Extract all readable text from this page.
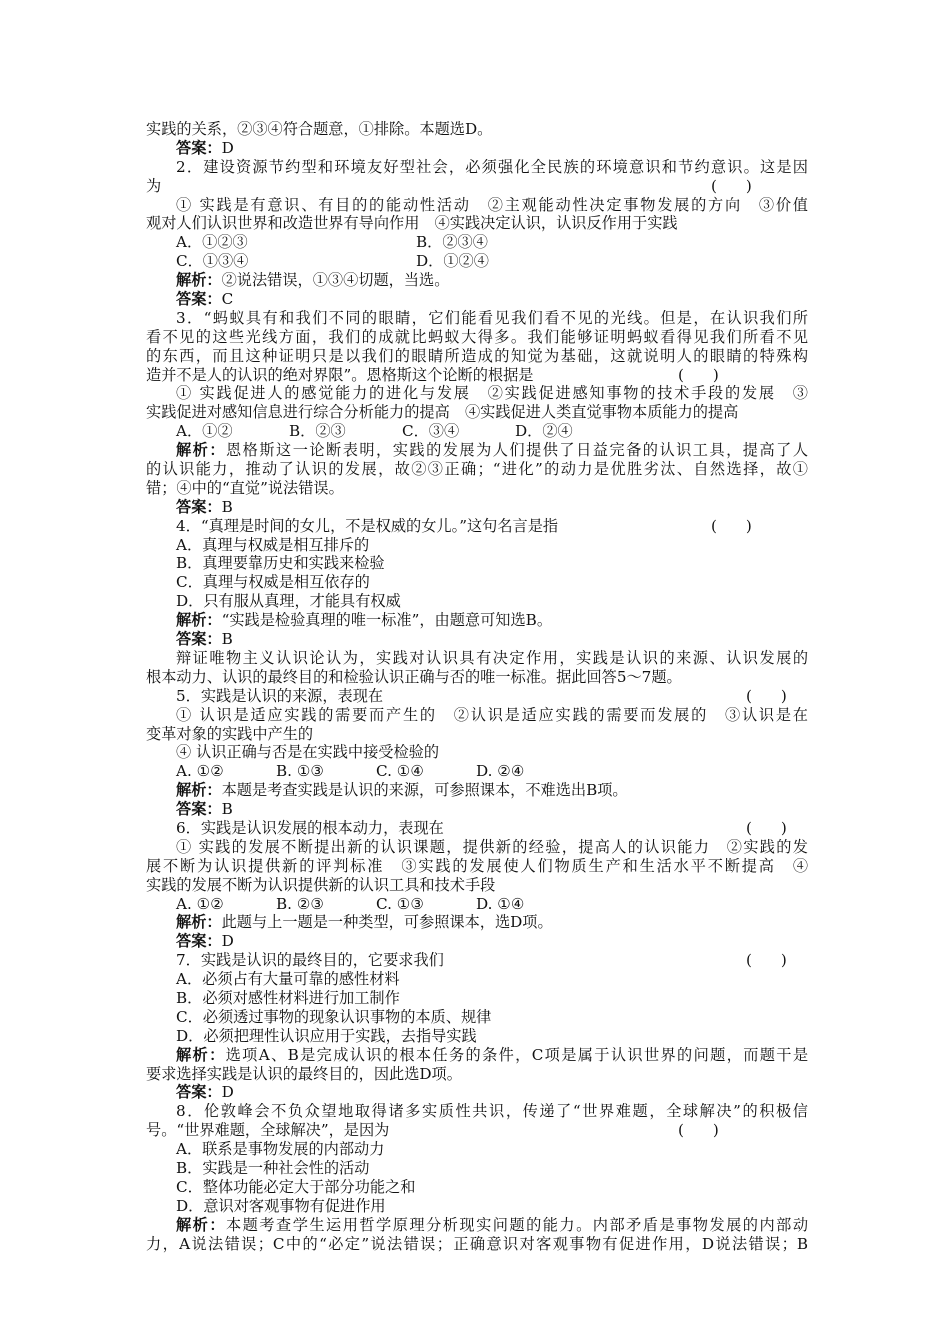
实践的关系，②③④符合题意，①排除。本题选D。
答案：D
2．建设资源节约型和环境友好型社会，必须强化全民族的环境意识和节约意识。这是因
为	(      )
① 实践是有意识、有目的的能动性活动　②主观能动性决定事物发展的方向　③价值
观对人们认识世界和改造世界有导向作用　④实践决定认识，认识反作用于实践
A．①②③	B．②③④
C．①③④	D．①②④
解析：②说法错误，①③④切题，当选。
答案：C
3．“蚂蚁具有和我们不同的眼睛，它们能看见我们看不见的光线。但是，在认识我们所
看不见的这些光线方面，我们的成就比蚂蚁大得多。我们能够证明蚂蚁看得见我们所看不见
的东西，而且这种证明只是以我们的眼睛所造成的知觉为基础，这就说明人的眼睛的特殊构
造并不是人的认识的绝对界限”。恩格斯这个论断的根据是	(      )
① 实践促进人的感觉能力的进化与发展　②实践促进感知事物的技术手段的发展　③
实践促进对感知信息进行综合分析能力的提高　④实践促进人类直觉事物本质能力的提高
A．①②	B．②③	C．③④	D．②④
解析：恩格斯这一论断表明，实践的发展为人们提供了日益完备的认识工具，提高了人
的认识能力，推动了认识的发展，故②③正确；“进化”的动力是优胜劣汰、自然选择，故①
错；④中的“直觉”说法错误。
答案：B
4．“真理是时间的女儿，不是权威的女儿。”这句名言是指	(      )
A．真理与权威是相互排斥的
B．真理要靠历史和实践来检验
C．真理与权威是相互依存的
D．只有服从真理，才能具有权威
解析：“实践是检验真理的唯一标准”，由题意可知选B。
答案：B
辩证唯物主义认识论认为，实践对认识具有决定作用，实践是认识的来源、认识发展的
根本动力、认识的最终目的和检验认识正确与否的唯一标准。据此回答5～7题。
5．实践是认识的来源，表现在	(      )
① 认识是适应实践的需要而产生的　②认识是适应实践的需要而发展的　③认识是在
变革对象的实践中产生的
④ 认识正确与否是在实践中接受检验的
A. ①②	B. ①③	C. ①④	D. ②④
解析：本题是考查实践是认识的来源，可参照课本，不难选出B项。
答案：B
6．实践是认识发展的根本动力，表现在	(      )
① 实践的发展不断提出新的认识课题，提供新的经验，提高人的认识能力　②实践的发
展不断为认识提供新的评判标准　③实践的发展使人们物质生产和生活水平不断提高　④
实践的发展不断为认识提供新的认识工具和技术手段
A. ①②	B. ②③	C. ①③	D. ①④
解析：此题与上一题是一种类型，可参照课本，选D项。
答案：D
7．实践是认识的最终目的，它要求我们	(      )
A．必须占有大量可靠的感性材料
B．必须对感性材料进行加工制作
C．必须透过事物的现象认识事物的本质、规律
D．必须把理性认识应用于实践，去指导实践
解析：选项A、B是完成认识的根本任务的条件，C项是属于认识世界的问题，而题干是
要求选择实践是认识的最终目的，因此选D项。
答案：D
8．伦敦峰会不负众望地取得诸多实质性共识，传递了“世界难题，全球解决”的积极信
号。“世界难题，全球解决”，是因为	(      )
A．联系是事物发展的内部动力
B．实践是一种社会性的活动
C．整体功能必定大于部分功能之和
D．意识对客观事物有促进作用
解析：本题考查学生运用哲学原理分析现实问题的能力。内部矛盾是事物发展的内部动
力，A说法错误；C中的“必定”说法错误；正确意识对客观事物有促进作用，D说法错误；B
